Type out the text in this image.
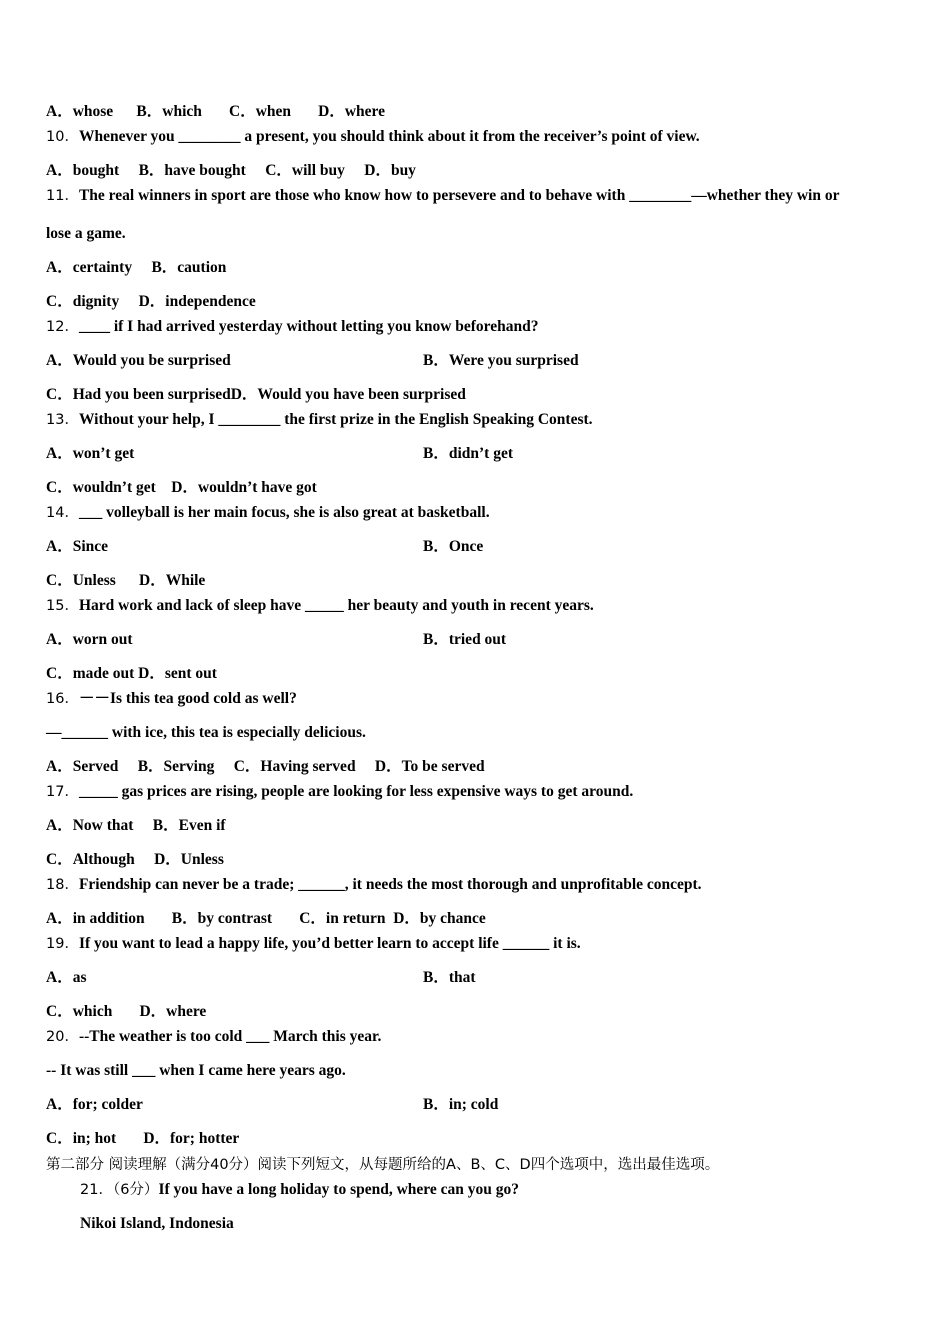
A．whose      B．which       C．when       D．where
10．Whenever you ________ a present, you should think about it from the receiver’s point of view.
A．bought     B．have bought     C．will buy     D．buy
11．The real winners in sport are those who know how to persevere and to behave with ________—whether they win or
lose a game.
A．certainty     B．caution
C．dignity     D．independence
12．____ if I had arrived yesterday without letting you know beforehand?
A．Would you be surprised	B．Were you surprised
C．Had you been surprisedD．Would you have been surprised
13．Without your help, I ________ the first prize in the English Speaking Contest.
A．won’t get	B．didn’t get
C．wouldn’t get    D．wouldn’t have got
14．___ volleyball is her main focus, she is also great at basketball.
A．Since	B．Once
C．Unless      D．While
15．Hard work and lack of sleep have _____ her beauty and youth in recent years.
A．worn out	B．tried out
C．made out D．sent out
16．－－Is this tea good cold as well?
—______ with ice, this tea is especially delicious.
A．Served     B．Serving     C．Having served     D．To be served
17．_____ gas prices are rising, people are looking for less expensive ways to get around.
A．Now that     B．Even if
C．Although     D．Unless
18．Friendship can never be a trade; ______, it needs the most thorough and unprofitable concept.
A．in addition       B．by contrast       C．in return  D．by chance
19．If you want to lead a happy life, you’d better learn to accept life ______ it is.
A．as	B．that
C．which       D．where
20．--The weather is too cold ___ March this year.
-- It was still ___ when I came here years ago.
A．for; colder	B．in; cold
C．in; hot       D．for; hotter
第二部分 阅读理解（满分40分）阅读下列短文，从每题所给的A、B、C、D四个选项中，选出最佳选项。
21．（6分）If you have a long holiday to spend, where can you go?
Nikoi Island, Indonesia
